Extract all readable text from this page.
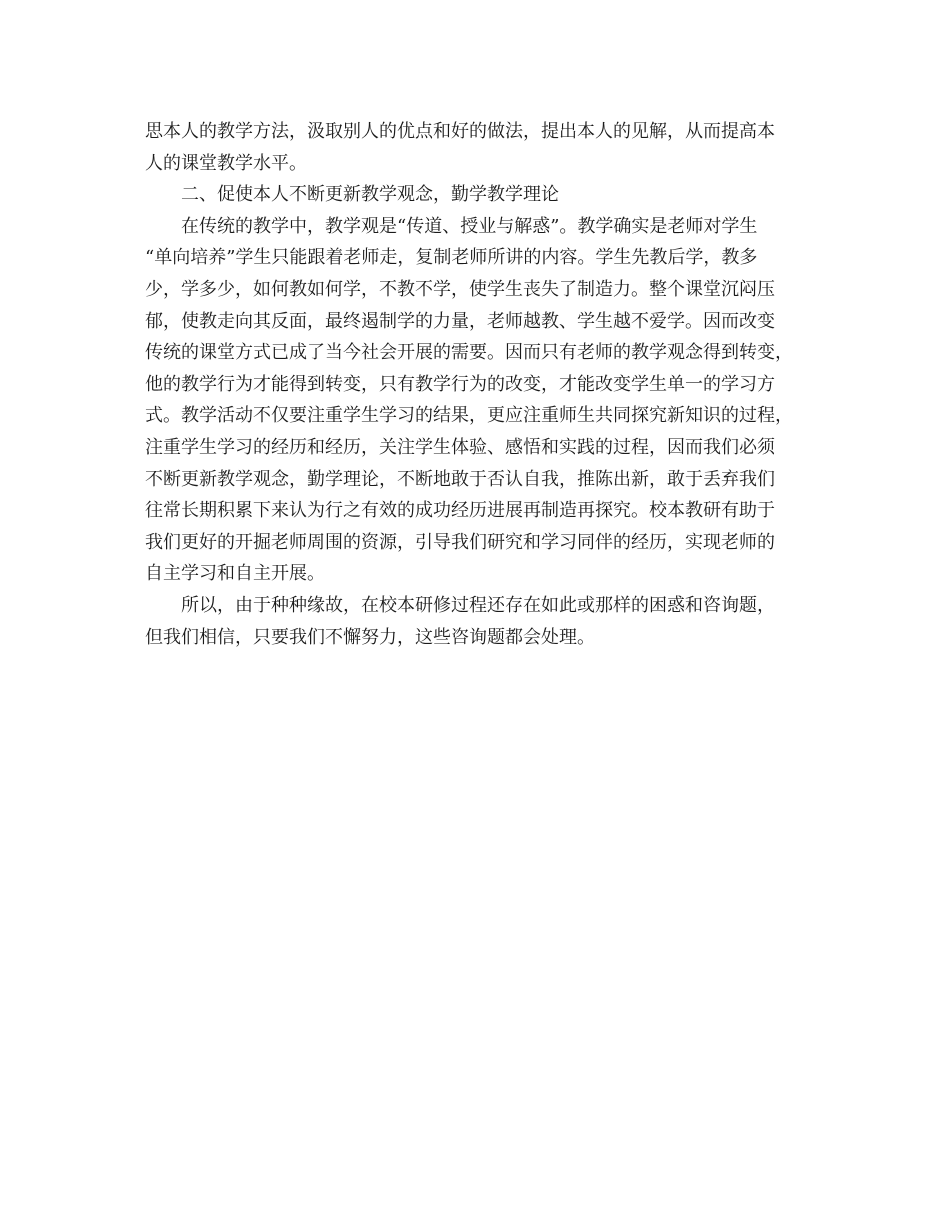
思本人的教学方法，汲取别人的优点和好的做法，提出本人的见解，从而提高本
人的课堂教学水平。
二、促使本人不断更新教学观念，勤学教学理论
在传统的教学中，教学观是“传道、授业与解惑”。教学确实是老师对学生
“单向培养”学生只能跟着老师走，复制老师所讲的内容。学生先教后学，教多
少，学多少，如何教如何学，不教不学，使学生丧失了制造力。整个课堂沉闷压
郁，使教走向其反面，最终遏制学的力量，老师越教、学生越不爱学。因而改变
传统的课堂方式已成了当今社会开展的需要。因而只有老师的教学观念得到转变，
他的教学行为才能得到转变，只有教学行为的改变，才能改变学生单一的学习方
式。教学活动不仅要注重学生学习的结果，更应注重师生共同探究新知识的过程，
注重学生学习的经历和经历，关注学生体验、感悟和实践的过程，因而我们必须
不断更新教学观念，勤学理论，不断地敢于否认自我，推陈出新，敢于丢弃我们
往常长期积累下来认为行之有效的成功经历进展再制造再探究。校本教研有助于
我们更好的开掘老师周围的资源，引导我们研究和学习同伴的经历，实现老师的
自主学习和自主开展。
所以，由于种种缘故，在校本研修过程还存在如此或那样的困惑和咨询题，
但我们相信，只要我们不懈努力，这些咨询题都会处理。
